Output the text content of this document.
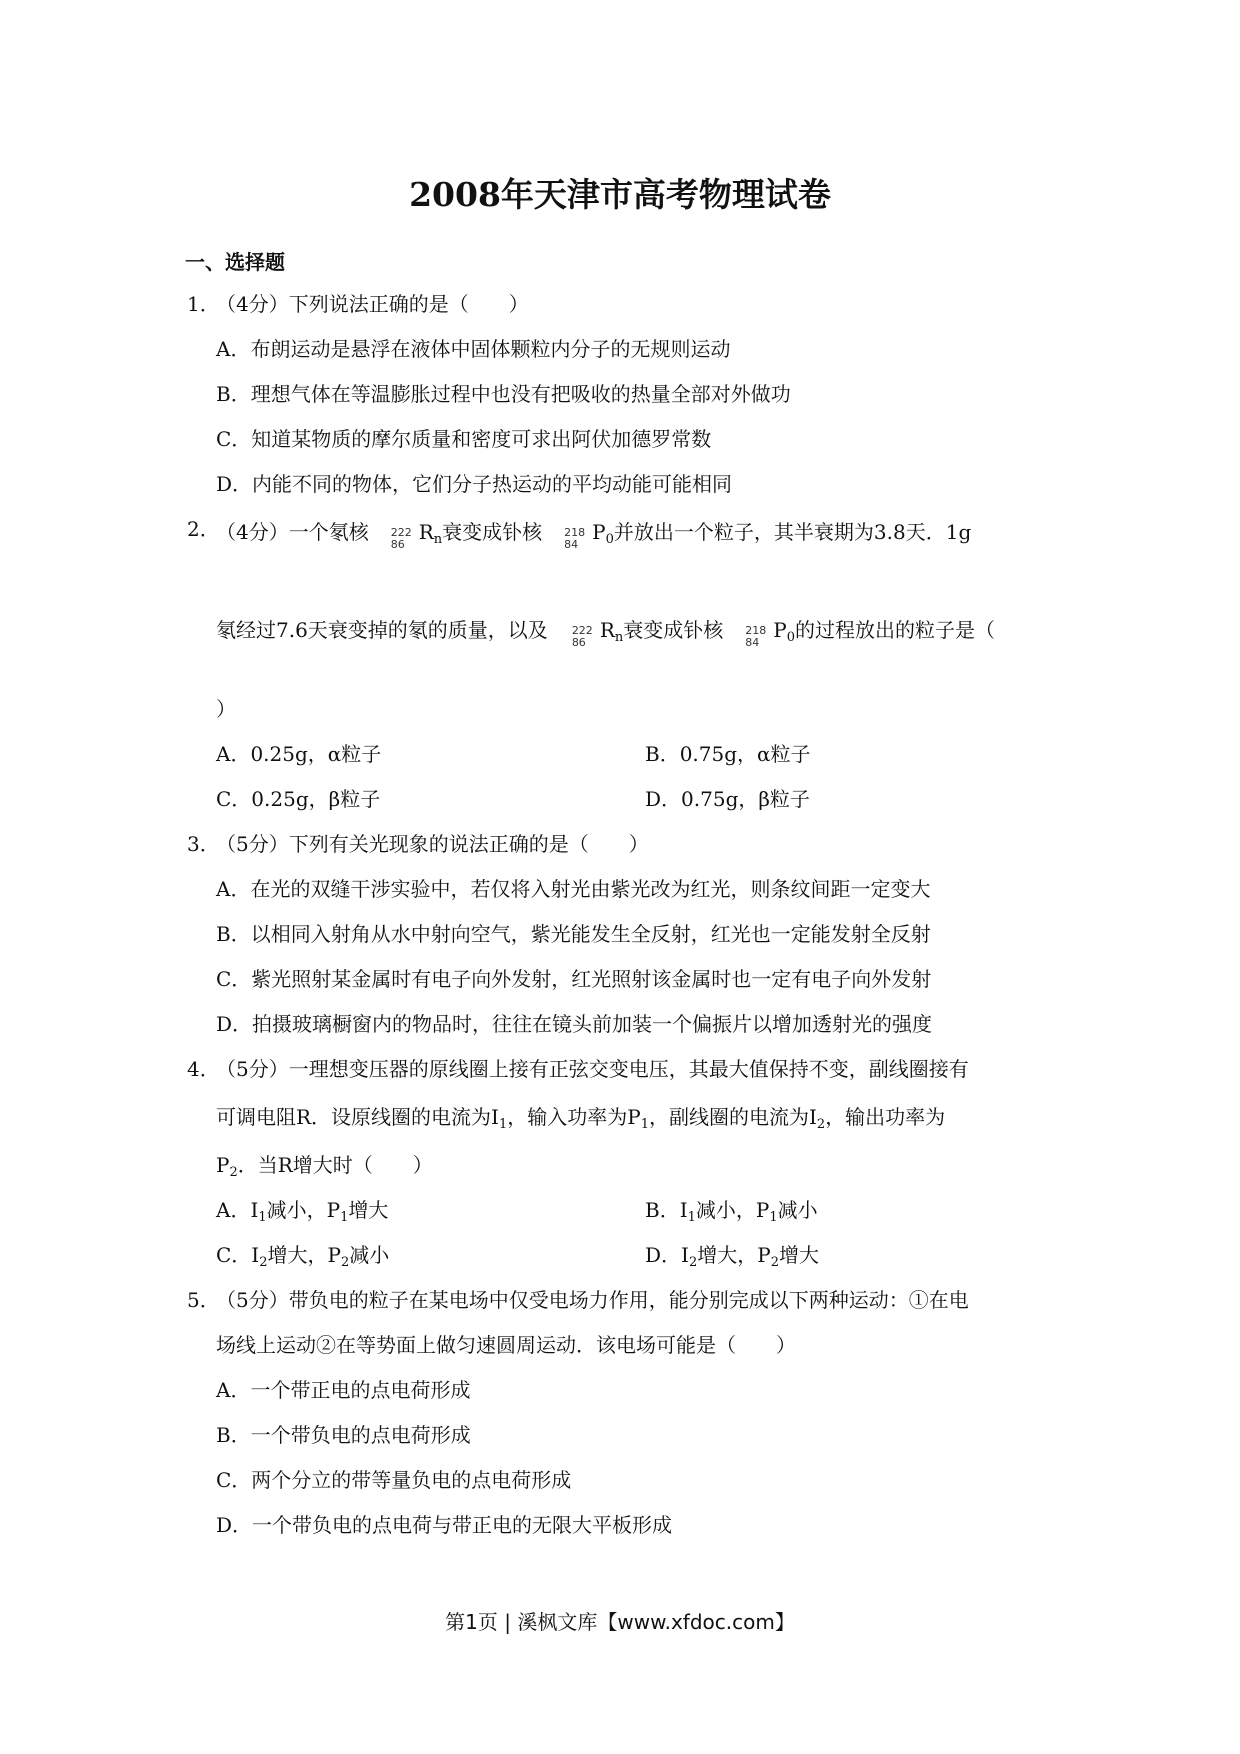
2008年天津市高考物理试卷
一、选择题
1．
（4分）下列说法正确的是（　　）
A．布朗运动是悬浮在液体中固体颗粒内分子的无规则运动
B．理想气体在等温膨胀过程中也没有把吸收的热量全部对外做功
C．知道某物质的摩尔质量和密度可求出阿伏加德罗常数
D．内能不同的物体，它们分子热运动的平均动能可能相同
2．
（4分）一个氡核 222
86
$R_n$衰变成钋核 218
84
$P_0$并放出一个粒子，其半衰期为3.8天．1g
氡经过7.6天衰变掉的氡的质量，以及 222
86
$R_n$衰变成钋核 218
84
$P_0$的过程放出的粒子是（
）
A．0.25g，α粒子	B．0.75g，α粒子
C．0.25g，β粒子	D．0.75g，β粒子
3．
（5分）下列有关光现象的说法正确的是（　　）
A．在光的双缝干涉实验中，若仅将入射光由紫光改为红光，则条纹间距一定变大
B．以相同入射角从水中射向空气，紫光能发生全反射，红光也一定能发射全反射
C．紫光照射某金属时有电子向外发射，红光照射该金属时也一定有电子向外发射
D．拍摄玻璃橱窗内的物品时，往往在镜头前加装一个偏振片以增加透射光的强度
4．
（5分）一理想变压器的原线圈上接有正弦交变电压，其最大值保持不变，副线圈接有
可调电阻R．设原线圈的电流为$I_1$，输入功率为$P_1$，副线圈的电流为$I_2$，输出功率为
$P_2$．当R增大时（　　）
A．$I_1$减小，$P_1$增大	B．$I_1$减小，$P_1$减小
C．$I_2$增大，$P_2$减小	D．$I_2$增大，$P_2$增大
5．
（5分）带负电的粒子在某电场中仅受电场力作用，能分别完成以下两种运动：①在电
场线上运动②在等势面上做匀速圆周运动．该电场可能是（　　）
A．一个带正电的点电荷形成
B．一个带负电的点电荷形成
C．两个分立的带等量负电的点电荷形成
D．一个带负电的点电荷与带正电的无限大平板形成
第1页 | 溪枫文库【www.xfdoc.com】
